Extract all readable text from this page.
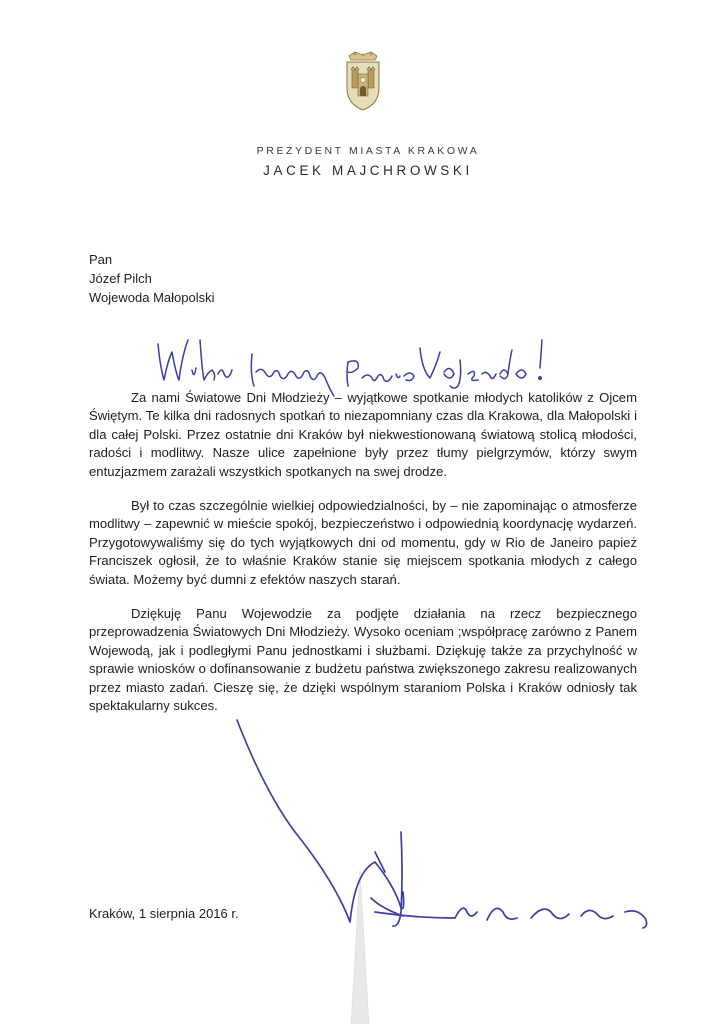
PREZYDENT MIASTA KRAKOWA
JACEK MAJCHROWSKI
Pan
Józef Pilch
Wojewoda Małopolski

Za nami Światowe Dni Młodzieży – wyjątkowe spotkanie młodych katolików z Ojcem Świętym. Te kilka dni radosnych spotkań to niezapomniany czas dla Krakowa, dla Małopolski i dla całej Polski. Przez ostatnie dni Kraków był niekwestionowaną światową stolicą młodości, radości i modlitwy. Nasze ulice zapełnione były przez tłumy pielgrzymów, którzy swym entuzjazmem zarażali wszystkich spotkanych na swej drodze.

Był to czas szczególnie wielkiej odpowiedzialności, by – nie zapominając o atmosferze modlitwy – zapewnić w mieście spokój, bezpieczeństwo i odpowiednią koordynację wydarzeń. Przygotowywaliśmy się do tych wyjątkowych dni od momentu, gdy w Rio de Janeiro papież Franciszek ogłosił, że to właśnie Kraków stanie się miejscem spotkania młodych z całego świata. Możemy być dumni z efektów naszych starań.

Dziękuję Panu Wojewodzie za podjęte działania na rzecz bezpiecznego przeprowadzenia Światowych Dni Młodzieży. Wysoko oceniam ;współpracę zarówno z Panem Wojewodą, jak i podległymi Panu jednostkami i służbami. Dziękuję także za przychylność w sprawie wniosków o dofinansowanie z budżetu państwa zwiększonego zakresu realizowanych przez miasto zadań. Cieszę się, że dzięki wspólnym staraniom Polska i Kraków odniosły tak spektakularny sukces.

Kraków, 1 sierpnia 2016 r.
